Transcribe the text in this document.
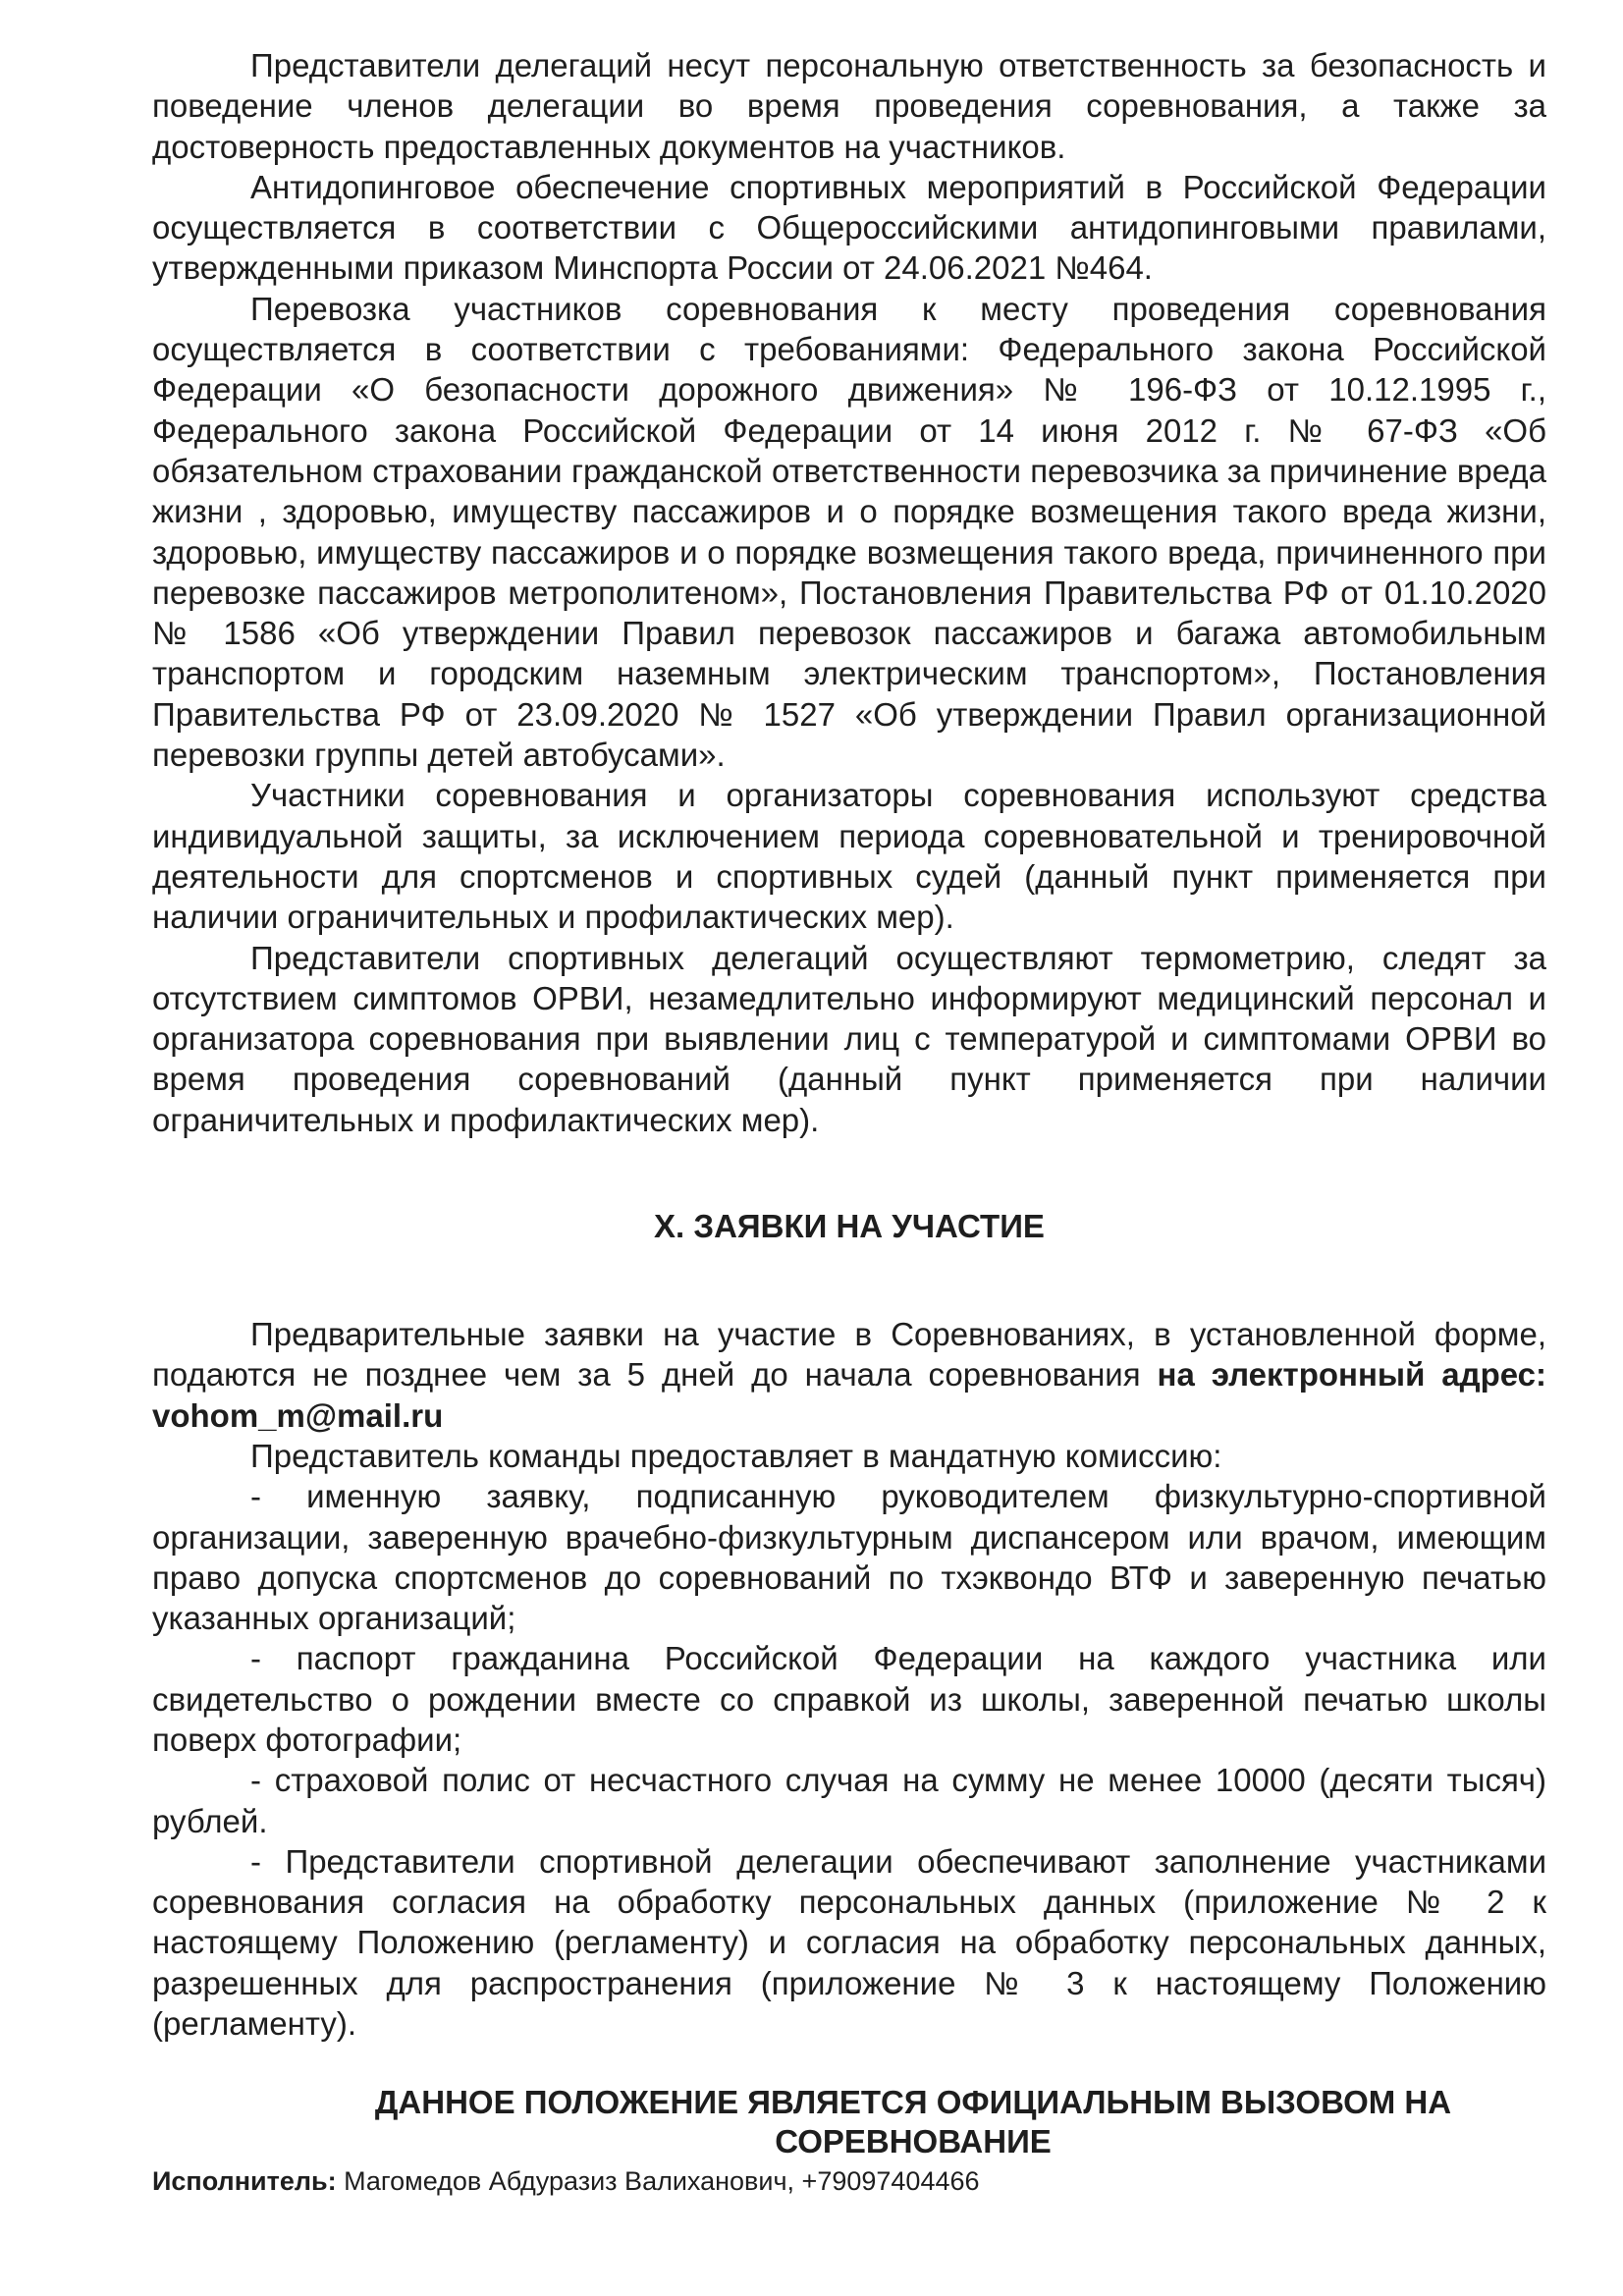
Представители делегаций несут персональную ответственность за безопасность и поведение членов делегации во время проведения соревнования, а также за достоверность предоставленных документов на участников.

Антидопинговое обеспечение спортивных мероприятий в Российской Федерации осуществляется в соответствии с Общероссийскими антидопинговыми правилами, утвержденными приказом Минспорта России от 24.06.2021 №464.

Перевозка участников соревнования к месту проведения соревнования осуществляется в соответствии с требованиями: Федерального закона Российской Федерации «О безопасности дорожного движения» № 196-ФЗ от 10.12.1995 г., Федерального закона Российской Федерации от 14 июня 2012 г. № 67-ФЗ «Об обязательном страховании гражданской ответственности перевозчика за причинение вреда жизни , здоровью, имуществу пассажиров и о порядке возмещения такого вреда жизни, здоровью, имуществу пассажиров и о порядке возмещения такого вреда, причиненного при перевозке пассажиров метрополитеном», Постановления Правительства РФ от 01.10.2020 № 1586 «Об утверждении Правил перевозок пассажиров и багажа автомобильным транспортом и городским наземным электрическим транспортом», Постановления Правительства РФ от 23.09.2020 № 1527 «Об утверждении Правил организационной перевозки группы детей автобусами».

Участники соревнования и организаторы соревнования используют средства индивидуальной защиты, за исключением периода соревновательной и тренировочной деятельности для спортсменов и спортивных судей (данный пункт применяется при наличии ограничительных и профилактических мер).

Представители спортивных делегаций осуществляют термометрию, следят за отсутствием симптомов ОРВИ, незамедлительно информируют медицинский персонал и организатора соревнования при выявлении лиц с температурой и симптомами ОРВИ во время проведения соревнований (данный пункт применяется при наличии ограничительных и профилактических мер).

X. ЗАЯВКИ НА УЧАСТИЕ

Предварительные заявки на участие в Соревнованиях, в установленной форме, подаются не позднее чем за 5 дней до начала соревнования на электронный адрес: vohom_m@mail.ru

Представитель команды предоставляет в мандатную комиссию:

- именную заявку, подписанную руководителем физкультурно-спортивной организации, заверенную врачебно-физкультурным диспансером или врачом, имеющим право допуска спортсменов до соревнований по тхэквондо ВТФ и заверенную печатью указанных организаций;

- паспорт гражданина Российской Федерации на каждого участника или свидетельство о рождении вместе со справкой из школы, заверенной печатью школы поверх фотографии;

- страховой полис от несчастного случая на сумму не менее 10000 (десяти тысяч) рублей.

- Представители спортивной делегации обеспечивают заполнение участниками соревнования согласия на обработку персональных данных (приложение № 2 к настоящему Положению (регламенту) и согласия на обработку персональных данных, разрешенных для распространения (приложение № 3 к настоящему Положению (регламенту).

ДАННОЕ ПОЛОЖЕНИЕ ЯВЛЯЕТСЯ ОФИЦИАЛЬНЫМ ВЫЗОВОМ НА СОРЕВНОВАНИЕ

Исполнитель: Магомедов Абдуразиз Валиханович, +79097404466
